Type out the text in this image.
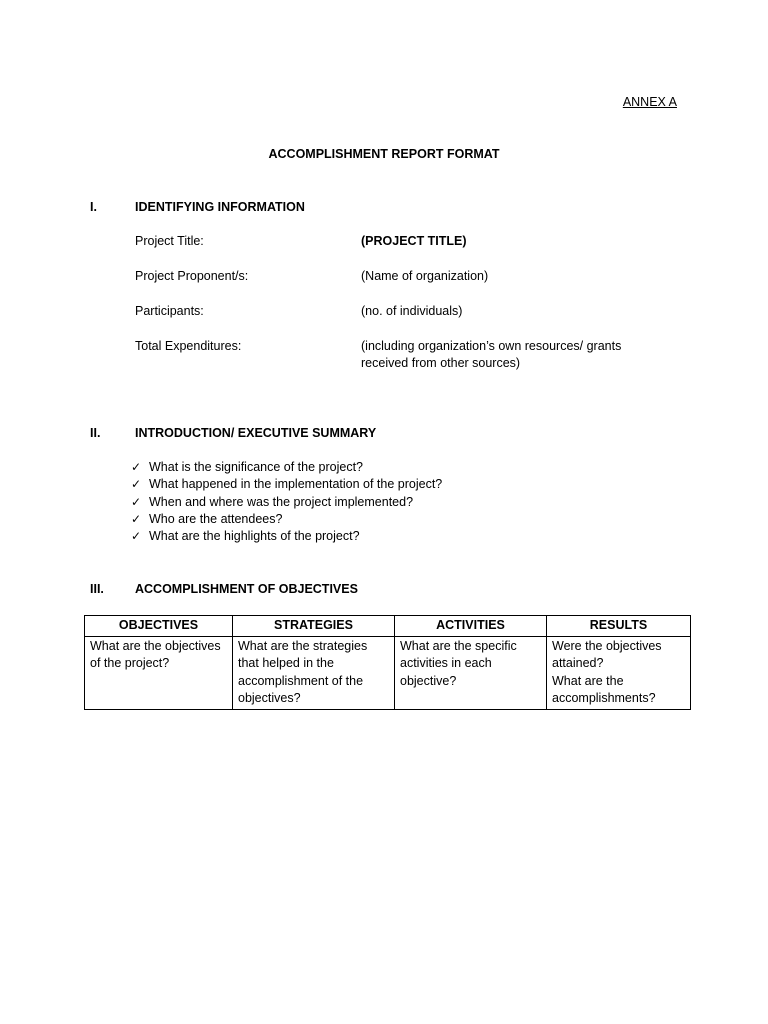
ANNEX A
ACCOMPLISHMENT REPORT FORMAT
I.	IDENTIFYING INFORMATION
Project Title:	(PROJECT TITLE)
Project Proponent/s:	(Name of organization)
Participants:	(no. of individuals)
Total Expenditures:	(including organization’s own resources/ grants
received from other sources)
II.	INTRODUCTION/ EXECUTIVE SUMMARY
✓ What is the significance of the project?
✓ What happened in the implementation of the project?
✓ When and where was the project implemented?
✓ Who are the attendees?
✓ What are the highlights of the project?
III. ACCOMPLISHMENT OF OBJECTIVES
OBJECTIVES	STRATEGIES	ACTIVITIES	RESULTS
What are the objectives
of the project?	What are the strategies
that helped in the
accomplishment of the
objectives?	What are the specific
activities in each
objective?	Were the objectives
attained?
What are the
accomplishments?
